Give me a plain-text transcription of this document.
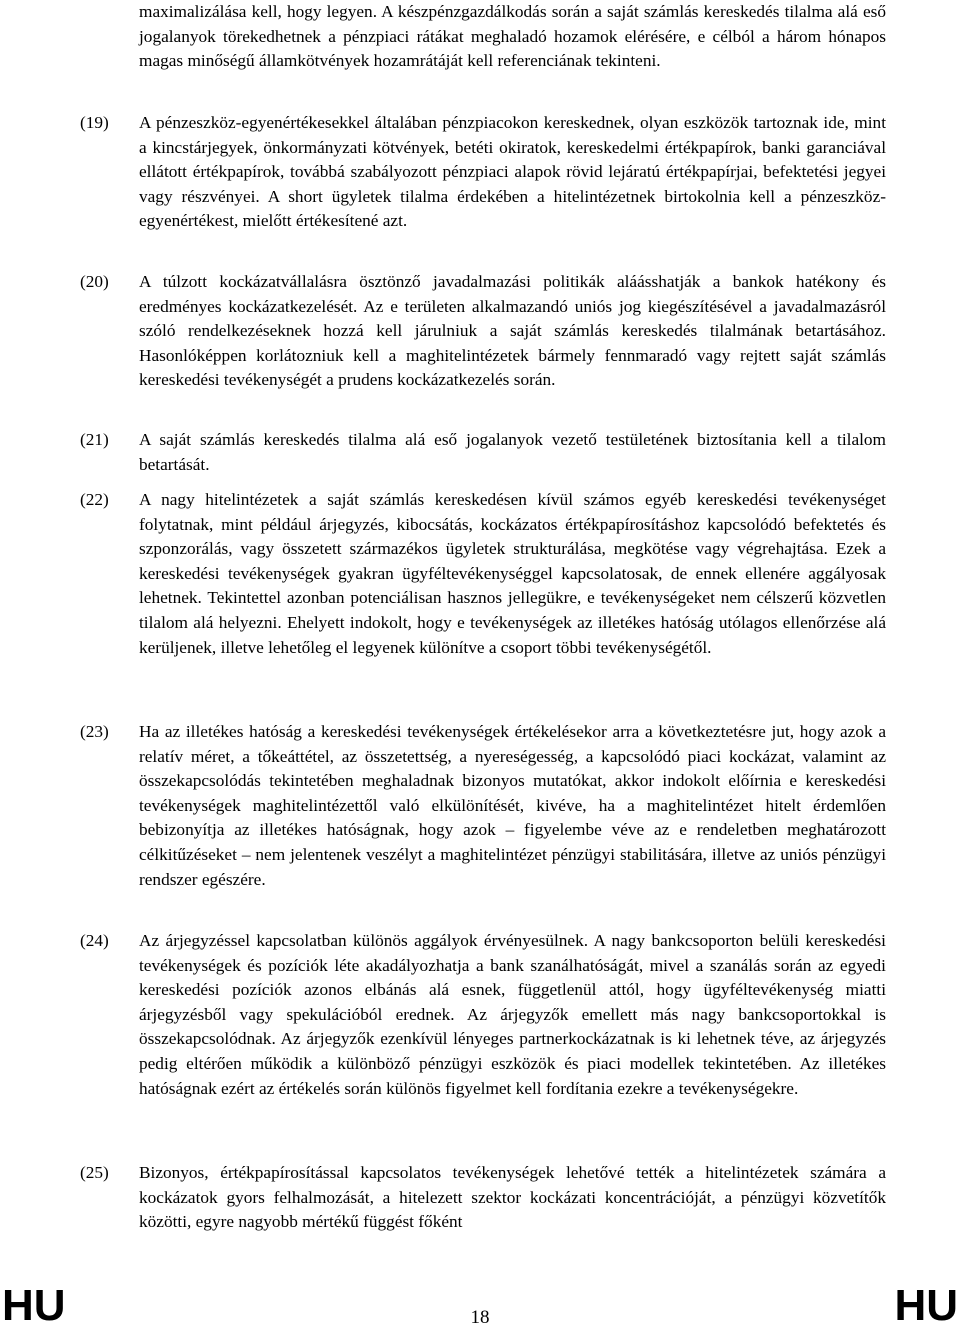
maximalizálása kell, hogy legyen. A készpénzgazdálkodás során a saját számlás kereskedés tilalma alá eső jogalanyok törekedhetnek a pénzpiaci rátákat meghaladó hozamok elérésére, e célból a három hónapos magas minőségű államkötvények hozamrátáját kell referenciának tekinteni.
(19) A pénzeszköz-egyenértékesekkel általában pénzpiacokon kereskednek, olyan eszközök tartoznak ide, mint a kincstárjegyek, önkormányzati kötvények, betéti okiratok, kereskedelmi értékpapírok, banki garanciával ellátott értékpapírok, továbbá szabályozott pénzpiaci alapok rövid lejáratú értékpapírjai, befektetési jegyei vagy részvényei. A short ügyletek tilalma érdekében a hitelintézetnek birtokolnia kell a pénzeszköz-egyenértékest, mielőtt értékesítené azt.
(20) A túlzott kockázatvállalásra ösztönző javadalmazási politikák aláásshatják a bankok hatékony és eredményes kockázatkezelését. Az e területen alkalmazandó uniós jog kiegészítésével a javadalmazásról szóló rendelkezéseknek hozzá kell járulniuk a saját számlás kereskedés tilalmának betartásához. Hasonlóképpen korlátozniuk kell a maghitelintézetek bármely fennmaradó vagy rejtett saját számlás kereskedési tevékenységét a prudens kockázatkezelés során.
(21) A saját számlás kereskedés tilalma alá eső jogalanyok vezető testületének biztosítania kell a tilalom betartását.
(22) A nagy hitelintézetek a saját számlás kereskedésen kívül számos egyéb kereskedési tevékenységet folytatnak, mint például árjegyzés, kibocsátás, kockázatos értékpapírosításhoz kapcsolódó befektetés és szponzorálás, vagy összetett származékos ügyletek strukturálása, megkötése vagy végrehajtása. Ezek a kereskedési tevékenységek gyakran ügyféltevékenységgel kapcsolatosak, de ennek ellenére aggályosak lehetnek. Tekintettel azonban potenciálisan hasznos jellegükre, e tevékenységeket nem célszerű közvetlen tilalom alá helyezni. Ehelyett indokolt, hogy e tevékenységek az illetékes hatóság utólagos ellenőrzése alá kerüljenek, illetve lehetőleg el legyenek különítve a csoport többi tevékenységétől.
(23) Ha az illetékes hatóság a kereskedési tevékenységek értékelésekor arra a következtetésre jut, hogy azok a relatív méret, a tőkeáttétel, az összetettség, a nyereségesség, a kapcsolódó piaci kockázat, valamint az összekapcsolódás tekintetében meghaladnak bizonyos mutatókat, akkor indokolt előírnia e kereskedési tevékenységek maghitelintézettől való elkülönítését, kivéve, ha a maghitelintézet hitelt érdemlően bebizonyítja az illetékes hatóságnak, hogy azok – figyelembe véve az e rendeletben meghatározott célkitűzéseket – nem jelentenek veszélyt a maghitelintézet pénzügyi stabilitására, illetve az uniós pénzügyi rendszer egészére.
(24) Az árjegyzéssel kapcsolatban különös aggályok érvényesülnek. A nagy bankcsoporton belüli kereskedési tevékenységek és pozíciók léte akadályozhatja a bank szanálhatóságát, mivel a szanálás során az egyedi kereskedési pozíciók azonos elbánás alá esnek, függetlenül attól, hogy ügyféltevékenység miatti árjegyzésből vagy spekulációból erednek. Az árjegyzők emellett más nagy bankcsoportokkal is összekapcsolódnak. Az árjegyzők ezenkívül lényeges partnerkockázatnak is ki lehetnek téve, az árjegyzés pedig eltérően működik a különböző pénzügyi eszközök és piaci modellek tekintetében. Az illetékes hatóságnak ezért az értékelés során különös figyelmet kell fordítania ezekre a tevékenységekre.
(25) Bizonyos, értékpapírosítással kapcsolatos tevékenységek lehetővé tették a hitelintézetek számára a kockázatok gyors felhalmozását, a hitelezett szektor kockázati koncentrációját, a pénzügyi közvetítők közötti, egyre nagyobb mértékű függést főként
HU	18	HU
